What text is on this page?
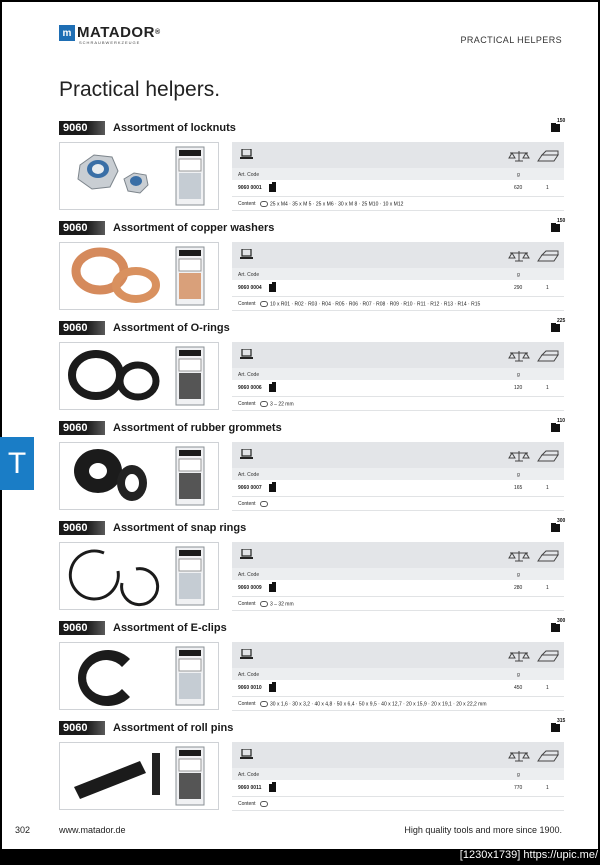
m MATADOR®
SCHRAUBWERKZEUGE	PRACTICAL HELPERS
Practical helpers.
9060	Assortment of locknuts
150
Art. Code	g
9060 0001	620	1
Content	25 x M4 · 35 x M 5 · 25 x M6 · 30 x M 8 · 25 M10 · 10 x M12
9060	Assortment of copper washers
150
Art. Code	g
9060 0004	290	1
Content	10 x R01 · R02 · R03 · R04 · R05 · R06 · R07 · R08 · R09 · R10 · R11 · R12 · R13 · R14 · R15
9060	Assortment of O-rings
225
Art. Code	g
9060 0006	120	1
Content	3 – 22 mm
9060	Assortment of rubber grommets
110
Art. Code	g
9060 0007	165	1
Content
9060	Assortment of snap rings
300
Art. Code	g
9060 0009	280	1
Content	3 – 32 mm
9060	Assortment of E-clips
300
Art. Code	g
9060 0010	450	1
Content	30 x 1,6 · 30 x 3,2 · 40 x 4,8 · 50 x 6,4 · 50 x 9,5 · 40 x 12,7 · 20 x 15,9 · 20 x 19,1 · 20 x 22,2 mm
9060	Assortment of roll pins
315
Art. Code	g
9060 0011	770	1
Content
302	www.matador.de	High quality tools and more since 1900.
T
[1230x1739] https://upic.me/
